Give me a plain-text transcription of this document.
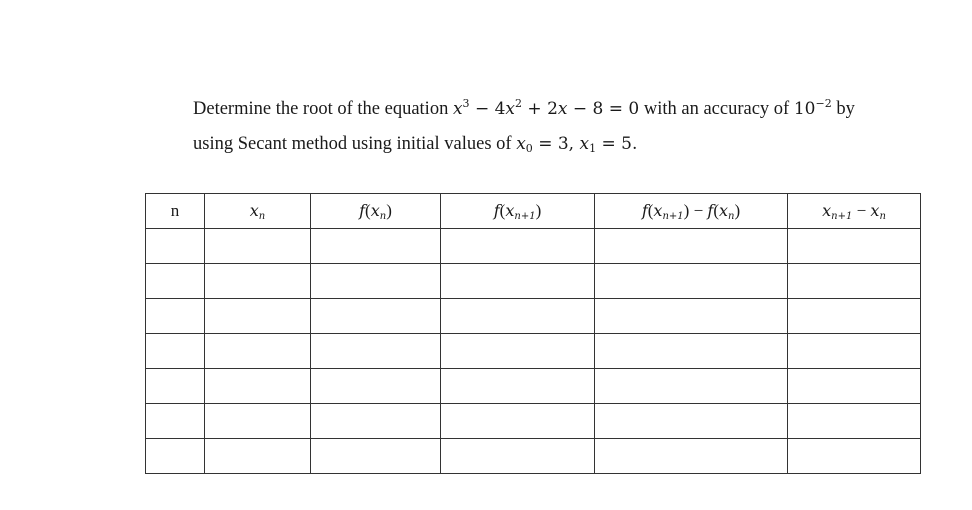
Determine the root of the equation $x^3 - 4x^2 + 2x - 8 = 0$ with an accuracy of $10^{-2}$ by

using Secant method using initial values of $x_0 = 3$, $x_1 = 5$.

n	$x_n$	$f(x_n)$	$f(x_{n+1})$	$f(x_{n+1}) - f(x_n)$	$x_{n+1} - x_n$
